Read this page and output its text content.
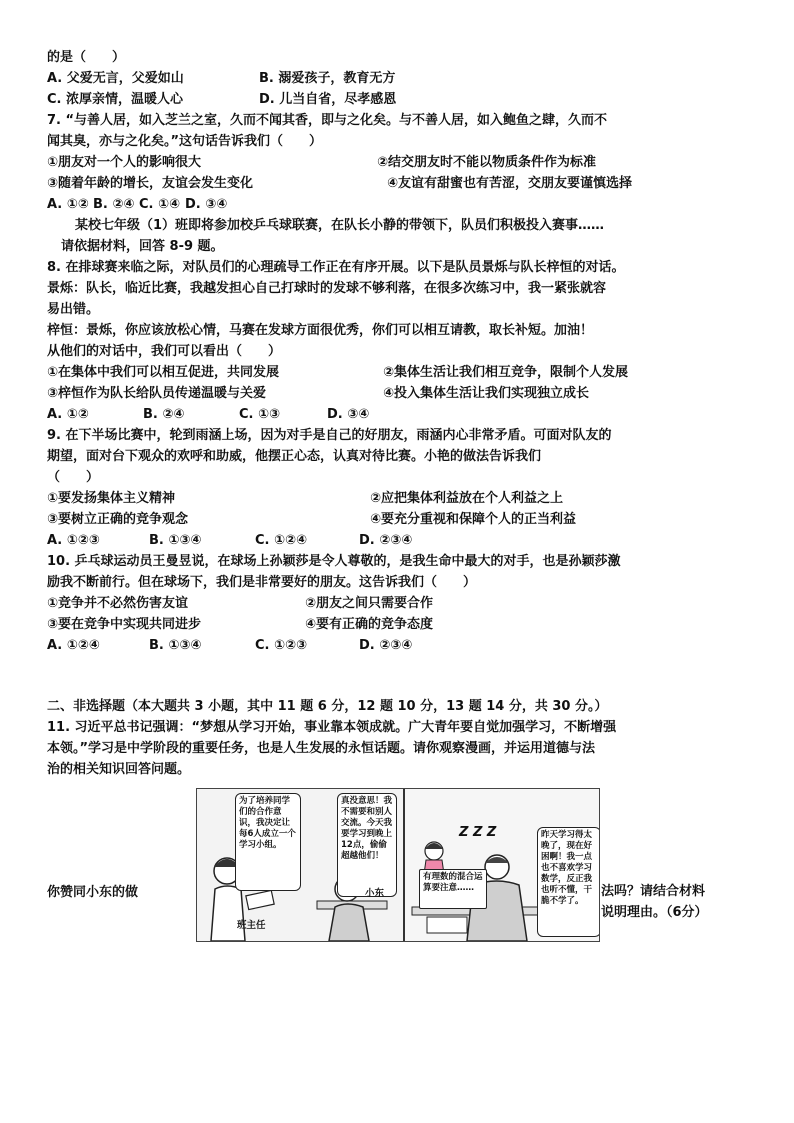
的是（　　）
A. 父爱无言，父爱如山	B. 溺爱孩子，教育无方
C. 浓厚亲情，温暖人心	D. 儿当自省，尽孝感恩
7. “与善人居，如入芝兰之室，久而不闻其香，即与之化矣。与不善人居，如入鲍鱼之肆，久而不
闻其臭，亦与之化矣。”这句话告诉我们（　　）
①朋友对一个人的影响很大	②结交朋友时不能以物质条件作为标准
③随着年龄的增长，友谊会发生变化	④友谊有甜蜜也有苦涩，交朋友要谨慎选择
A. ①② B. ②④ C. ①④ D. ③④
某校七年级（1）班即将参加校乒乓球联赛，在队长小静的带领下，队员们积极投入赛事……
请依据材料，回答 8-9 题。
8. 在排球赛来临之际，对队员们的心理疏导工作正在有序开展。以下是队员景烁与队长梓恒的对话。
景烁：队长，临近比赛，我越发担心自己打球时的发球不够利落，在很多次练习中，我一紧张就容
易出错。
梓恒：景烁，你应该放松心情，马赛在发球方面很优秀，你们可以相互请教，取长补短。加油！
从他们的对话中，我们可以看出（　　）
①在集体中我们可以相互促进，共同发展	②集体生活让我们相互竞争，限制个人发展
③梓恒作为队长给队员传递温暖与关爱	④投入集体生活让我们实现独立成长
A. ①②	B. ②④	C. ①③	D. ③④
9. 在下半场比赛中，轮到雨涵上场，因为对手是自己的好朋友，雨涵内心非常矛盾。可面对队友的
期望，面对台下观众的欢呼和助威，他摆正心态，认真对待比赛。小艳的做法告诉我们
（　　）
①要发扬集体主义精神	②应把集体利益放在个人利益之上
③要树立正确的竞争观念	④要充分重视和保障个人的正当利益
A. ①②③	B. ①③④	C. ①②④	D. ②③④
10. 乒乓球运动员王曼昱说，在球场上孙颖莎是令人尊敬的，是我生命中最大的对手，也是孙颖莎激
励我不断前行。但在球场下，我们是非常要好的朋友。这告诉我们（　　）
①竞争并不必然伤害友谊	②朋友之间只需要合作
③要在竞争中实现共同进步	④要有正确的竞争态度
A. ①②④	B. ①③④	C. ①②③	D. ②③④
二、非选择题（本大题共 3 小题，其中 11 题 6 分，12 题 10 分，13 题 14 分，共 30 分。）
11. 习近平总书记强调：“梦想从学习开始，事业靠本领成就。广大青年要自觉加强学习，不断增强
本领。”学习是中学阶段的重要任务，也是人生发展的永恒话题。请你观察漫画，并运用道德与法
治的相关知识回答问题。
你赞同小东的做	法吗？请结合材料
说明理由。（6分）
为了培养同学们的合作意识，我决定让每6人成立一个学习小组。
真没意思！我不需要和别人交流。今天我要学习到晚上12点，偷偷超越他们！
班主任
小东
有理数的混合运算要注意……
Z Z Z	昨天学习得太晚了，现在好困啊！我一点也不喜欢学习数学，反正我也听不懂，干脆不学了。
